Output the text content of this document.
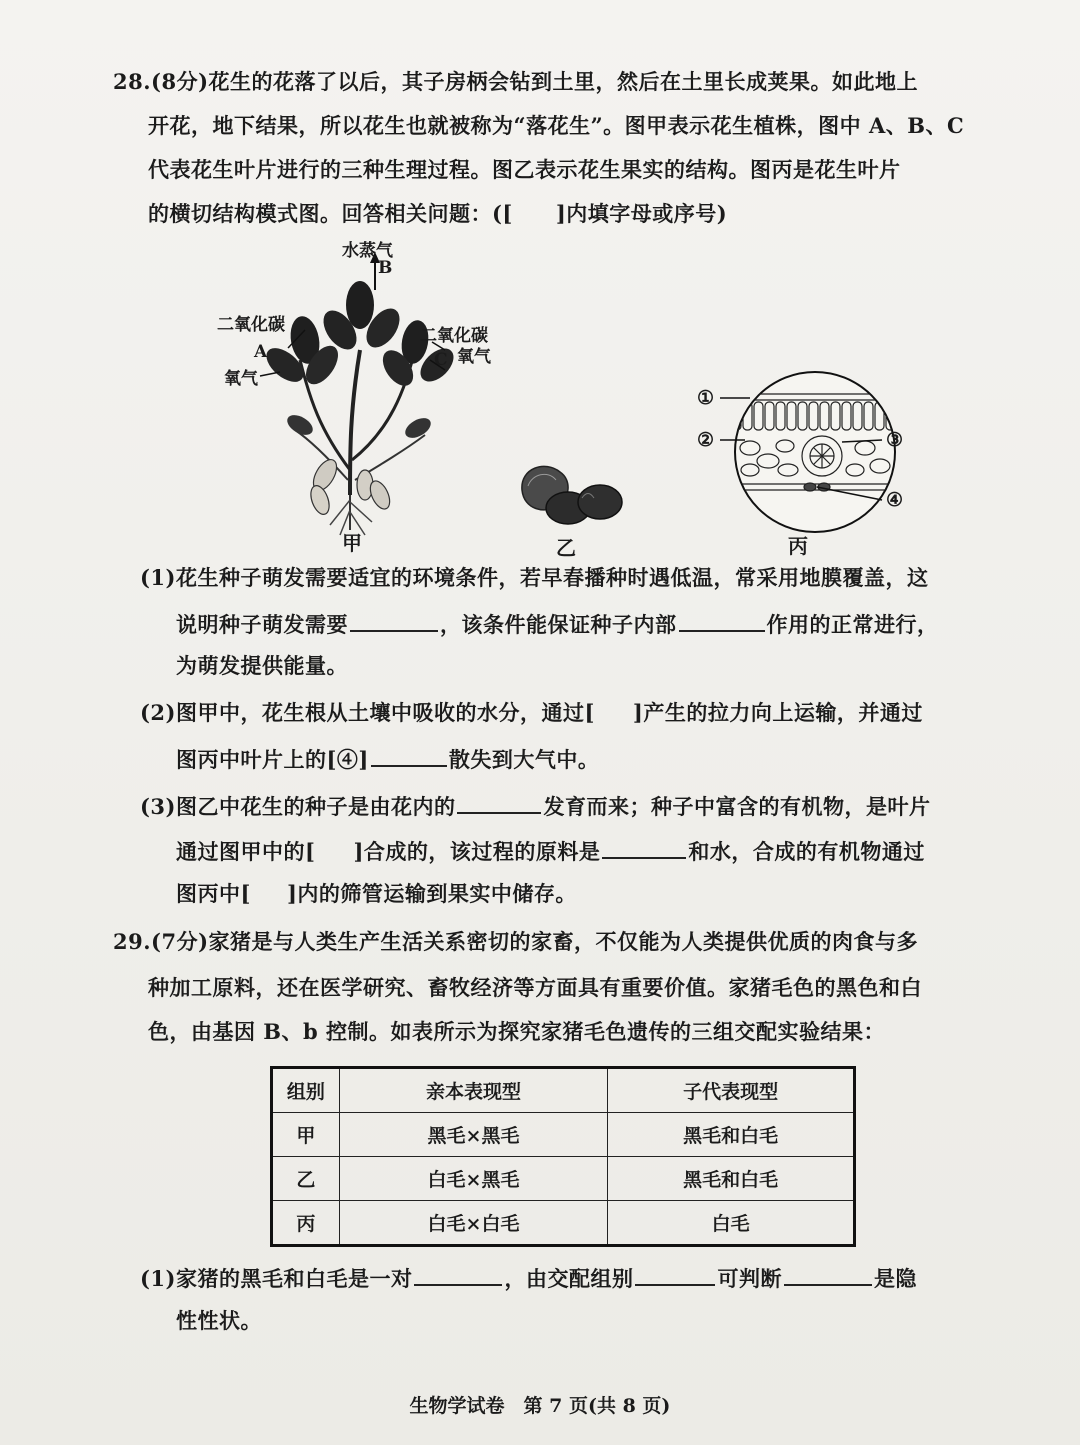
28.(8分)花生的花落了以后，其子房柄会钻到土里，然后在土里长成荚果。如此地上
开花，地下结果，所以花生也就被称为“落花生”。图甲表示花生植株，图中 A、B、C
代表花生叶片进行的三种生理过程。图乙表示花生果实的结构。图丙是花生叶片
的横切结构模式图。回答相关问题：([　　]内填字母或序号)
水蒸气
B
二氧化碳
A
氧气
二氧化碳
C 氧气
甲	乙
①
②	③
④
丙
(1)花生种子萌发需要适宜的环境条件，若早春播种时遇低温，常采用地膜覆盖，这
说明种子萌发需要	，该条件能保证种子内部	作用的正常进行，
为萌发提供能量。
(2)图甲中，花生根从土壤中吸收的水分，通过[ ]产生的拉力向上运输，并通过
图丙中叶片上的[④]	散失到大气中。
(3)图乙中花生的种子是由花内的	发育而来；种子中富含的有机物，是叶片
通过图甲中的[ ]合成的，该过程的原料是	和水，合成的有机物通过
图丙中[ ]内的筛管运输到果实中储存。
29.(7分)家猪是与人类生产生活关系密切的家畜，不仅能为人类提供优质的肉食与多
种加工原料，还在医学研究、畜牧经济等方面具有重要价值。家猪毛色的黑色和白
色，由基因 B、b 控制。如表所示为探究家猪毛色遗传的三组交配实验结果：
组别	亲本表现型	子代表现型
甲	黑毛×黑毛	黑毛和白毛
乙	白毛×黑毛	黑毛和白毛
丙	白毛×白毛	白毛
(1)家猪的黑毛和白毛是一对	，由交配组别	可判断	是隐
性性状。
生物学试卷　第 7 页(共 8 页)
